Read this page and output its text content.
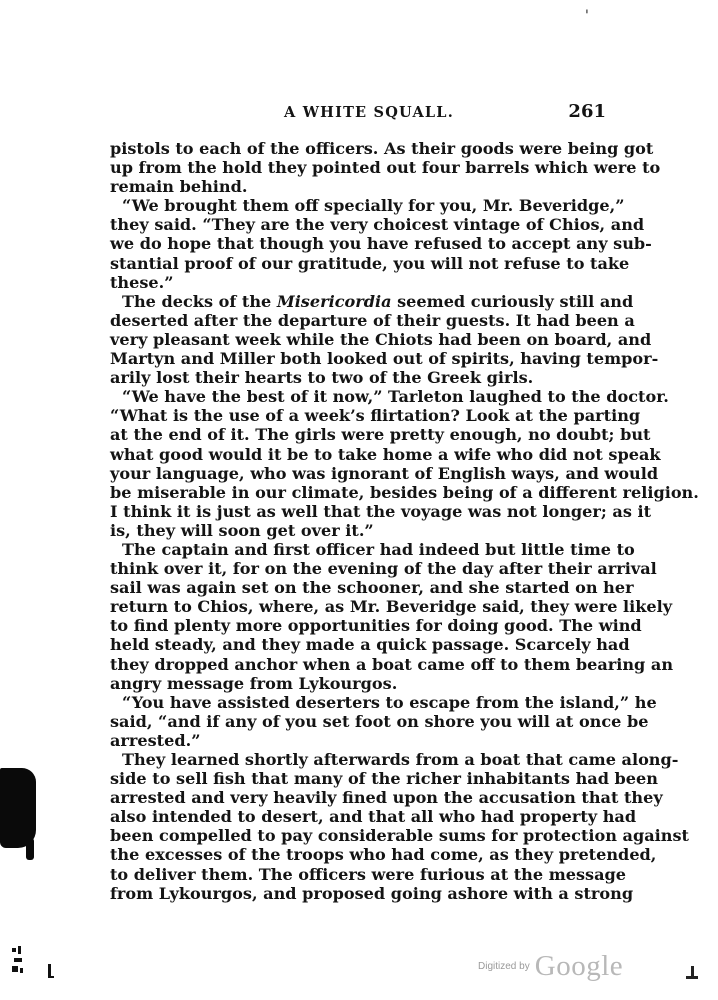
'
A WHITE SQUALL.	261
pistols to each of the officers. As their goods were being got
up from the hold they pointed out four barrels which were to
remain behind.
“We brought them off specially for you, Mr. Beveridge,”
they said. “They are the very choicest vintage of Chios, and
we do hope that though you have refused to accept any sub-
stantial proof of our gratitude, you will not refuse to take
these.”
The decks of the Misericordia seemed curiously still and
deserted after the departure of their guests. It had been a
very pleasant week while the Chiots had been on board, and
Martyn and Miller both looked out of spirits, having tempor-
arily lost their hearts to two of the Greek girls.
“We have the best of it now,” Tarleton laughed to the doctor.
“What is the use of a week’s flirtation? Look at the parting
at the end of it. The girls were pretty enough, no doubt; but
what good would it be to take home a wife who did not speak
your language, who was ignorant of English ways, and would
be miserable in our climate, besides being of a different religion.
I think it is just as well that the voyage was not longer; as it
is, they will soon get over it.”
The captain and first officer had indeed but little time to
think over it, for on the evening of the day after their arrival
sail was again set on the schooner, and she started on her
return to Chios, where, as Mr. Beveridge said, they were likely
to find plenty more opportunities for doing good. The wind
held steady, and they made a quick passage. Scarcely had
they dropped anchor when a boat came off to them bearing an
angry message from Lykourgos.
“You have assisted deserters to escape from the island,” he
said, “and if any of you set foot on shore you will at once be
arrested.”
They learned shortly afterwards from a boat that came along-
side to sell fish that many of the richer inhabitants had been
arrested and very heavily fined upon the accusation that they
also intended to desert, and that all who had property had
been compelled to pay considerable sums for protection against
the excesses of the troops who had come, as they pretended,
to deliver them. The officers were furious at the message
from Lykourgos, and proposed going ashore with a strong
Digitized by Google
